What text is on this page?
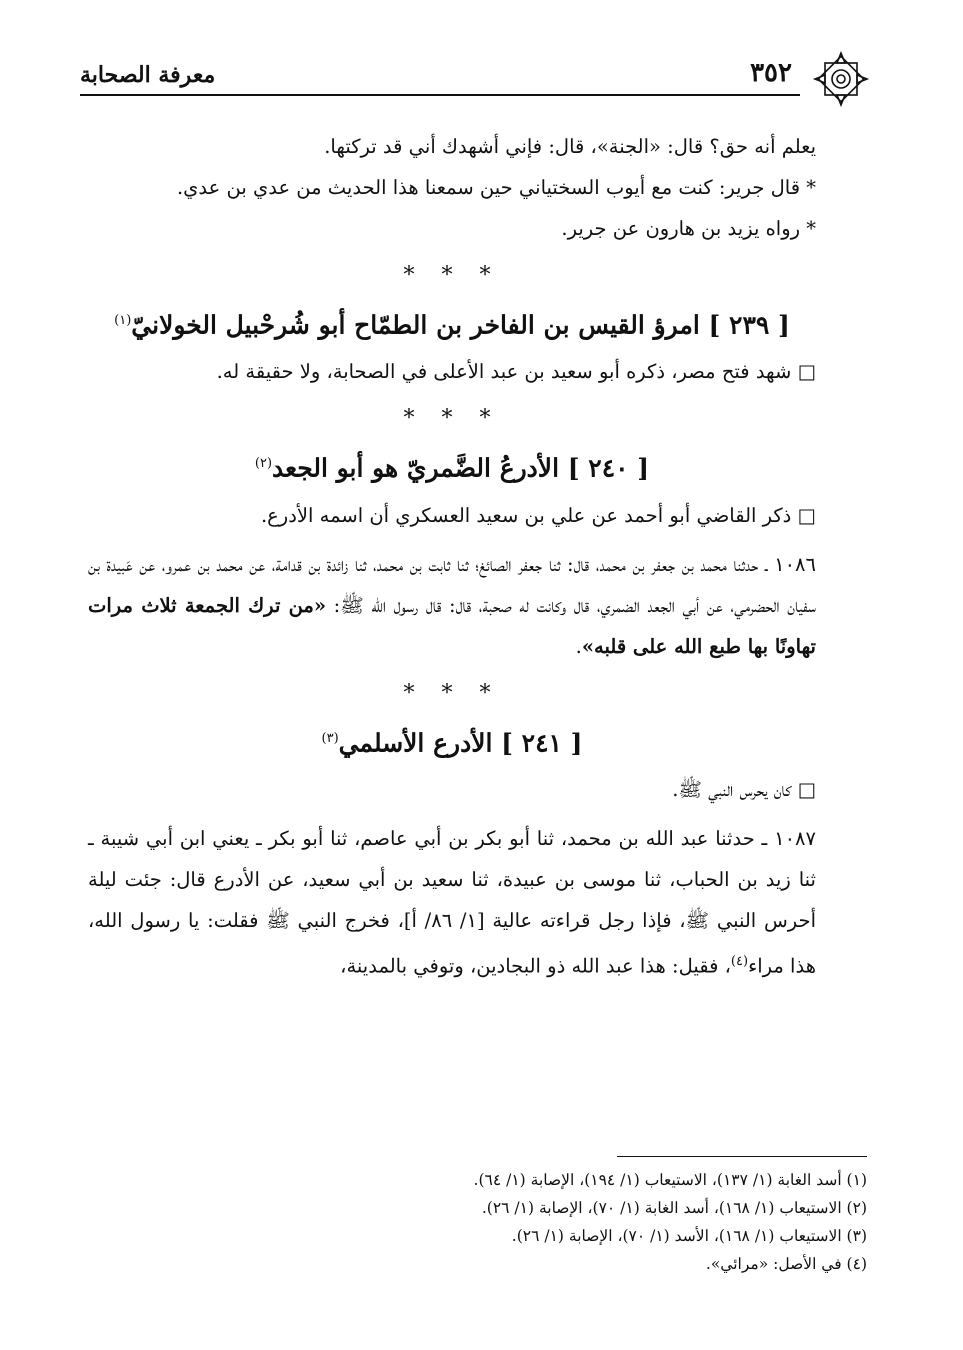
٣٥٢
معرفة الصحابة

يعلم أنه حق؟ قال: «الجنة»، قال: فإني أشهدك أني قد تركتها.

* قال جرير: كنت مع أيوب السختياني حين سمعنا هذا الحديث من عدي بن عدي.

* رواه يزيد بن هارون عن جرير.

* * *
[ ٢٣٩ ] امرؤ القيس بن الفاخر بن الطمّاح أبو شُرحْبيل الخولانيّ$^{(١)}$

□ شهد فتح مصر، ذكره أبو سعيد بن عبد الأعلى في الصحابة، ولا حقيقة له.

* * *
[ ٢٤٠ ] الأدرعُ الضَّمريّ هو أبو الجعد$^{(٢)}$

□ ذكر القاضي أبو أحمد عن علي بن سعيد العسكري أن اسمه الأدرع.

١٠٨٦ ـ حدثنا محمد بن جعفر بن محمد، قال: ثنا جعفر الصائغ؛ ثنا ثابت بن محمد، ثنا زائدة بن قدامة، عن محمد بن عمرو، عن عَبيدة بن سفيان الحضرمي، عن أبي الجعد الضمري، قال وكانت له صحبة، قال: قال رسول الله ﷺ: «من ترك الجمعة ثلاث مرات تهاونًا بها طبع الله على قلبه».

* * *
[ ٢٤١ ] الأدرع الأسلمي$^{(٣)}$

□ كان يحرس النبي ﷺ.

١٠٨٧ ـ حدثنا عبد الله بن محمد، ثنا أبو بكر بن أبي عاصم، ثنا أبو بكر ـ يعني ابن أبي شيبة ـ ثنا زيد بن الحباب، ثنا موسى بن عبيدة، ثنا سعيد بن أبي سعيد، عن الأدرع قال: جئت ليلة أحرس النبي ﷺ، فإذا رجل قراءته عالية [١/ ٨٦/ أ]، فخرج النبي ﷺ فقلت: يا رسول الله، هذا مراء$^{(٤)}$، فقيل: هذا عبد الله ذو البجادين، وتوفي بالمدينة،

(١) أسد الغابة (١/ ١٣٧)، الاستيعاب (١/ ١٩٤)، الإصابة (١/ ٦٤).

(٢) الاستيعاب (١/ ١٦٨)، أسد الغابة (١/ ٧٠)، الإصابة (١/ ٢٦).

(٣) الاستيعاب (١/ ١٦٨)، الأسد (١/ ٧٠)، الإصابة (١/ ٢٦).

(٤) في الأصل: «مرائي».
